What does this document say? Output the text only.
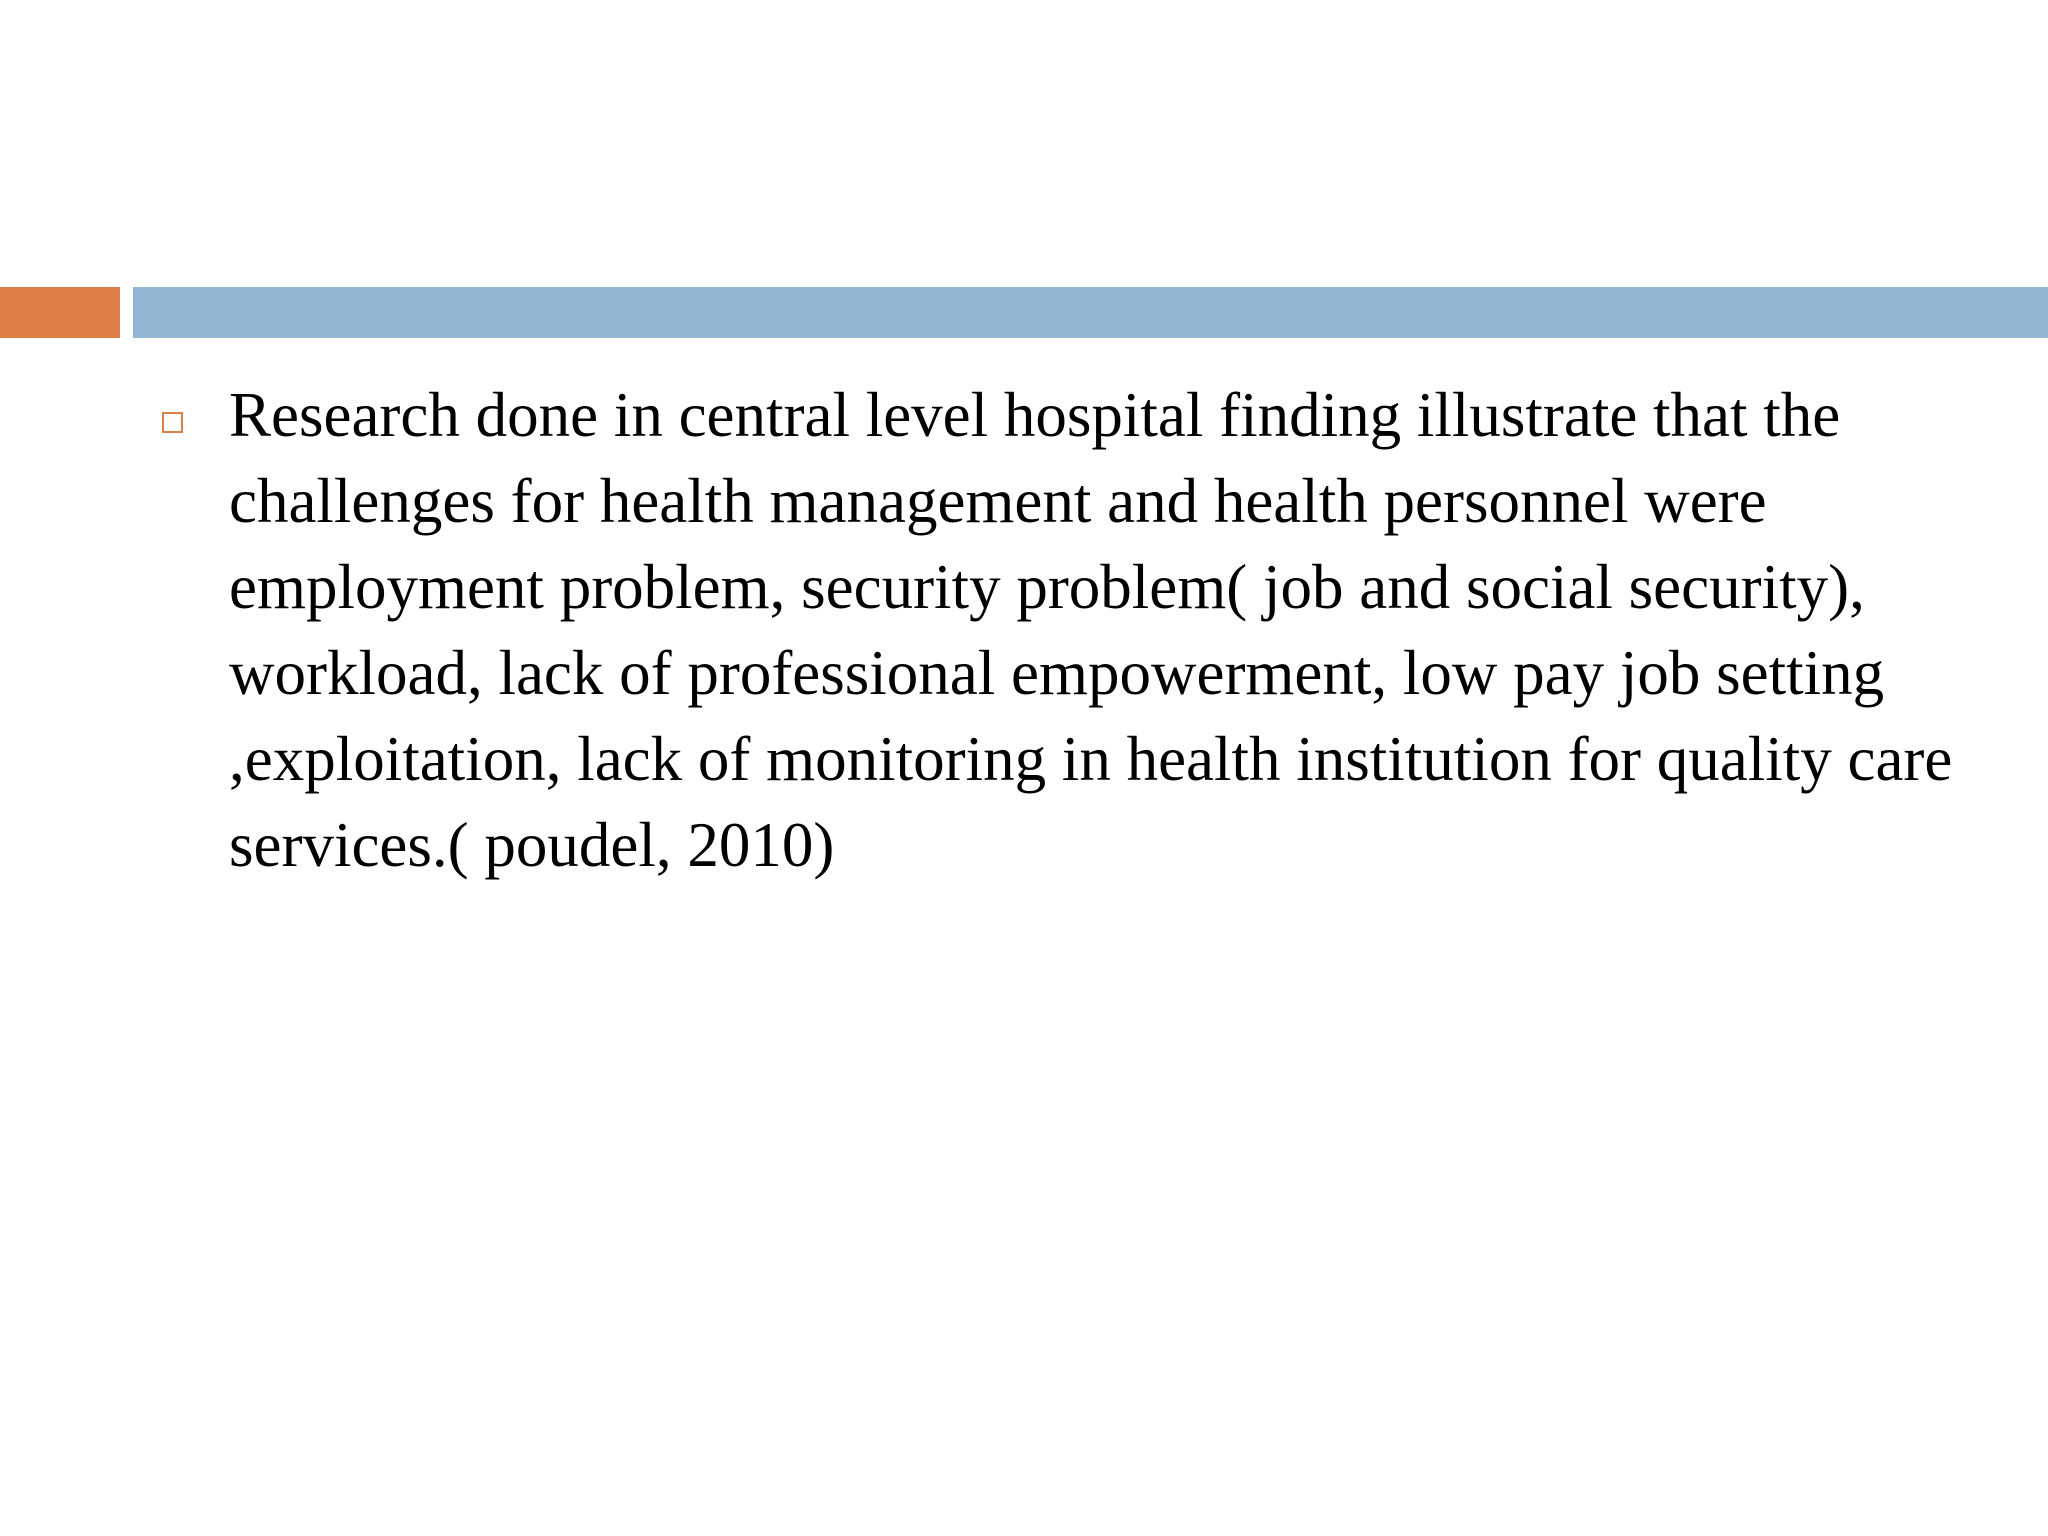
Research done in central level hospital finding illustrate that the challenges for health management and health personnel were employment problem, security problem( job and social security), workload, lack of professional empowerment, low pay job setting ,exploitation, lack of monitoring in health institution for quality care services.( poudel, 2010)
